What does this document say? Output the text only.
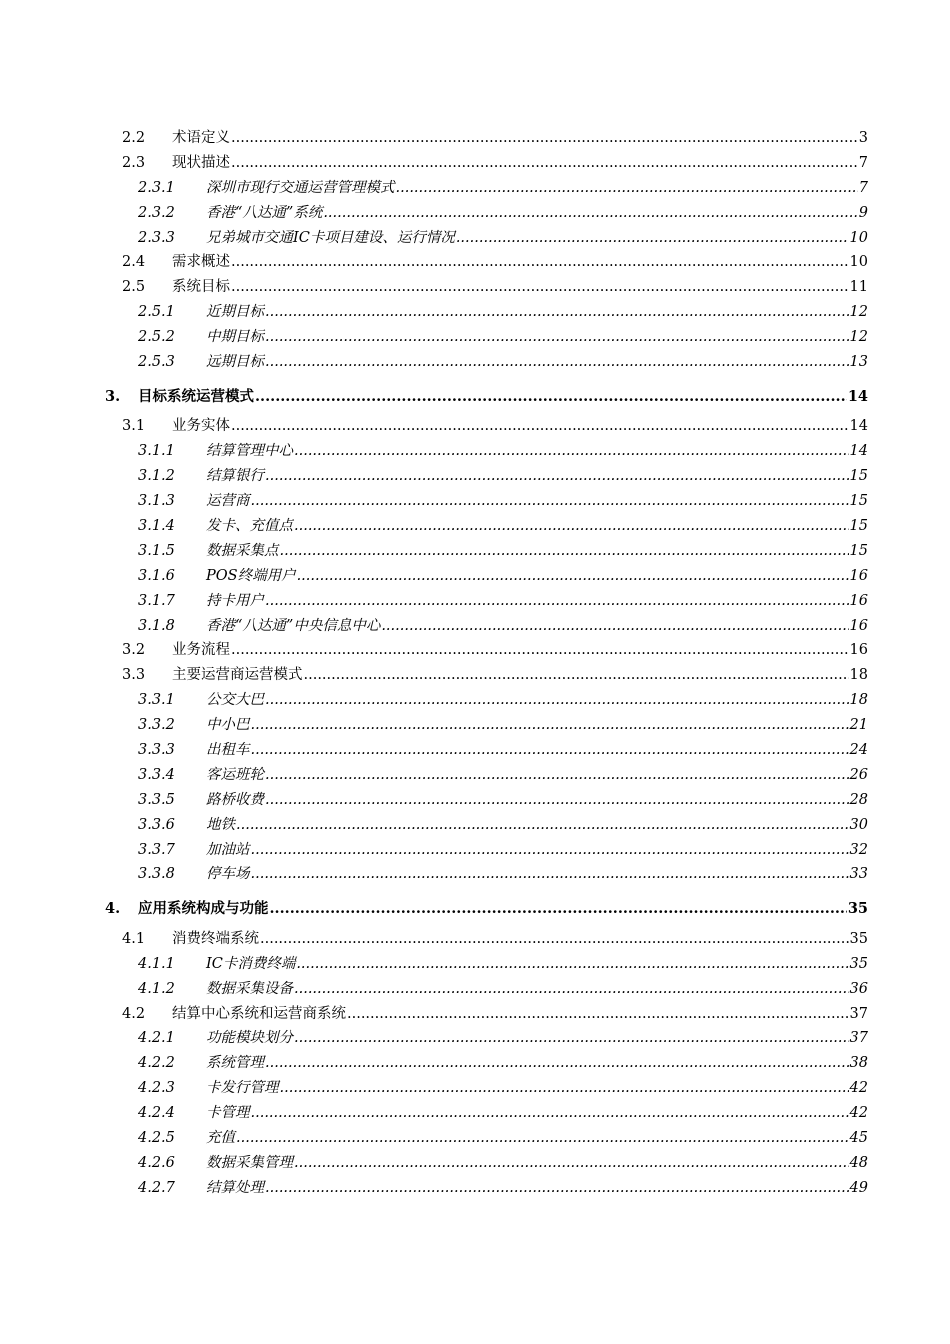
2.2 术语定义 .....	3
2.3 现状描述 .....	7
2.3.1 深圳市现行交通运营管理模式 .....	7
2.3.2 香港“八达通”系统 .....	9
2.3.3 兄弟城市交通IC卡项目建设、运行情况 .....	10
2.4 需求概述 .....	10
2.5 系统目标 .....	11
2.5.1 近期目标 .....	12
2.5.2 中期目标 .....	12
2.5.3 远期目标 .....	13
3. 目标系统运营模式 .....	14
3.1 业务实体 .....	14
3.1.1 结算管理中心 .....	14
3.1.2 结算银行 .....	15
3.1.3 运营商 .....	15
3.1.4 发卡、充值点 .....	15
3.1.5 数据采集点 .....	15
3.1.6 POS终端用户 .....	16
3.1.7 持卡用户 .....	16
3.1.8 香港“八达通”中央信息中心 .....	16
3.2 业务流程 .....	16
3.3 主要运营商运营模式 .....	18
3.3.1 公交大巴 .....	18
3.3.2 中小巴 .....	21
3.3.3 出租车 .....	24
3.3.4 客运班轮 .....	26
3.3.5 路桥收费 .....	28
3.3.6 地铁 .....	30
3.3.7 加油站 .....	32
3.3.8 停车场 .....	33
4. 应用系统构成与功能 .....	35
4.1 消费终端系统 .....	35
4.1.1 IC卡消费终端 .....	35
4.1.2 数据采集设备 .....	36
4.2 结算中心系统和运营商系统 .....	37
4.2.1 功能模块划分 .....	37
4.2.2 系统管理 .....	38
4.2.3 卡发行管理 .....	42
4.2.4 卡管理 .....	42
4.2.5 充值 .....	45
4.2.6 数据采集管理 .....	48
4.2.7 结算处理 .....	49
